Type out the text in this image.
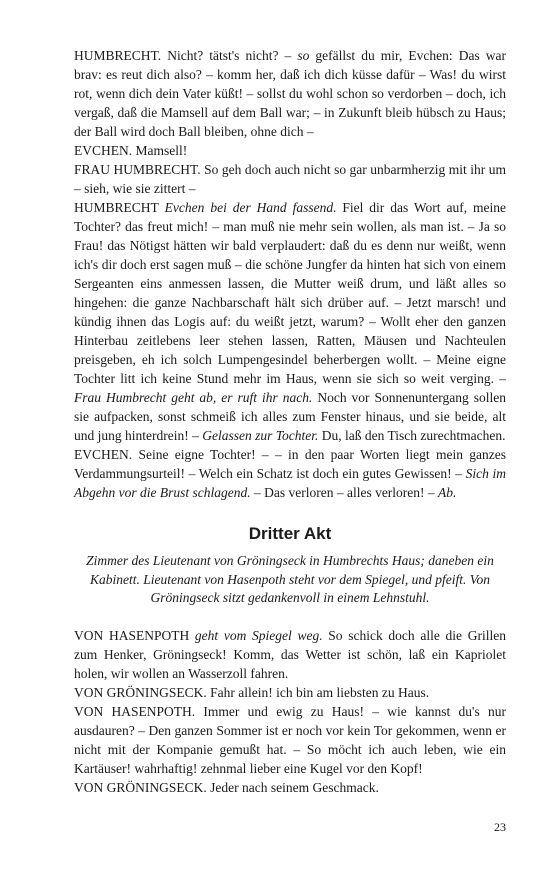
HUMBRECHT. Nicht? tätst's nicht? – so gefällst du mir, Evchen: Das war brav: es reut dich also? – komm her, daß ich dich küsse dafür – Was! du wirst rot, wenn dich dein Vater küßt! – sollst du wohl schon so verdorben – doch, ich vergaß, daß die Mamsell auf dem Ball war; – in Zukunft bleib hübsch zu Haus; der Ball wird doch Ball bleiben, ohne dich –

EVCHEN. Mamsell!

FRAU HUMBRECHT. So geh doch auch nicht so gar unbarmherzig mit ihr um – sieh, wie sie zittert –

HUMBRECHT Evchen bei der Hand fassend. Fiel dir das Wort auf, meine Tochter? das freut mich! – man muß nie mehr sein wollen, als man ist. – Ja so Frau! das Nötigst hätten wir bald verplaudert: daß du es denn nur weißt, wenn ich's dir doch erst sagen muß – die schöne Jungfer da hinten hat sich von einem Sergeanten eins anmessen lassen, die Mutter weiß drum, und läßt alles so hingehen: die ganze Nachbarschaft hält sich drüber auf. – Jetzt marsch! und kündig ihnen das Logis auf: du weißt jetzt, warum? – Wollt eher den ganzen Hinterbau zeitlebens leer stehen lassen, Ratten, Mäusen und Nachteulen preisgeben, eh ich solch Lumpengesindel beherbergen wollt. – Meine eigne Tochter litt ich keine Stund mehr im Haus, wenn sie sich so weit verging. – Frau Humbrecht geht ab, er ruft ihr nach. Noch vor Sonnenuntergang sollen sie aufpacken, sonst schmeiß ich alles zum Fenster hinaus, und sie beide, alt und jung hinterdrein! – Gelassen zur Tochter. Du, laß den Tisch zurechtmachen.

EVCHEN. Seine eigne Tochter! – – in den paar Worten liegt mein ganzes Verdammungsurteil! – Welch ein Schatz ist doch ein gutes Gewissen! – Sich im Abgehn vor die Brust schlagend. – Das verloren – alles verloren! – Ab.

Dritter Akt

Zimmer des Lieutenant von Gröningseck in Humbrechts Haus; daneben ein Kabinett. Lieutenant von Hasenpoth steht vor dem Spiegel, und pfeift. Von Gröningseck sitzt gedankenvoll in einem Lehnstuhl.

VON HASENPOTH geht vom Spiegel weg. So schick doch alle die Grillen zum Henker, Gröningseck! Komm, das Wetter ist schön, laß ein Kapriolet holen, wir wollen an Wasserzoll fahren.

VON GRÖNINGSECK. Fahr allein! ich bin am liebsten zu Haus.

VON HASENPOTH. Immer und ewig zu Haus! – wie kannst du's nur ausdauren? – Den ganzen Sommer ist er noch vor kein Tor gekommen, wenn er nicht mit der Kompanie gemußt hat. – So möcht ich auch leben, wie ein Kartäuser! wahrhaftig! zehnmal lieber eine Kugel vor den Kopf!

VON GRÖNINGSECK. Jeder nach seinem Geschmack.

23
